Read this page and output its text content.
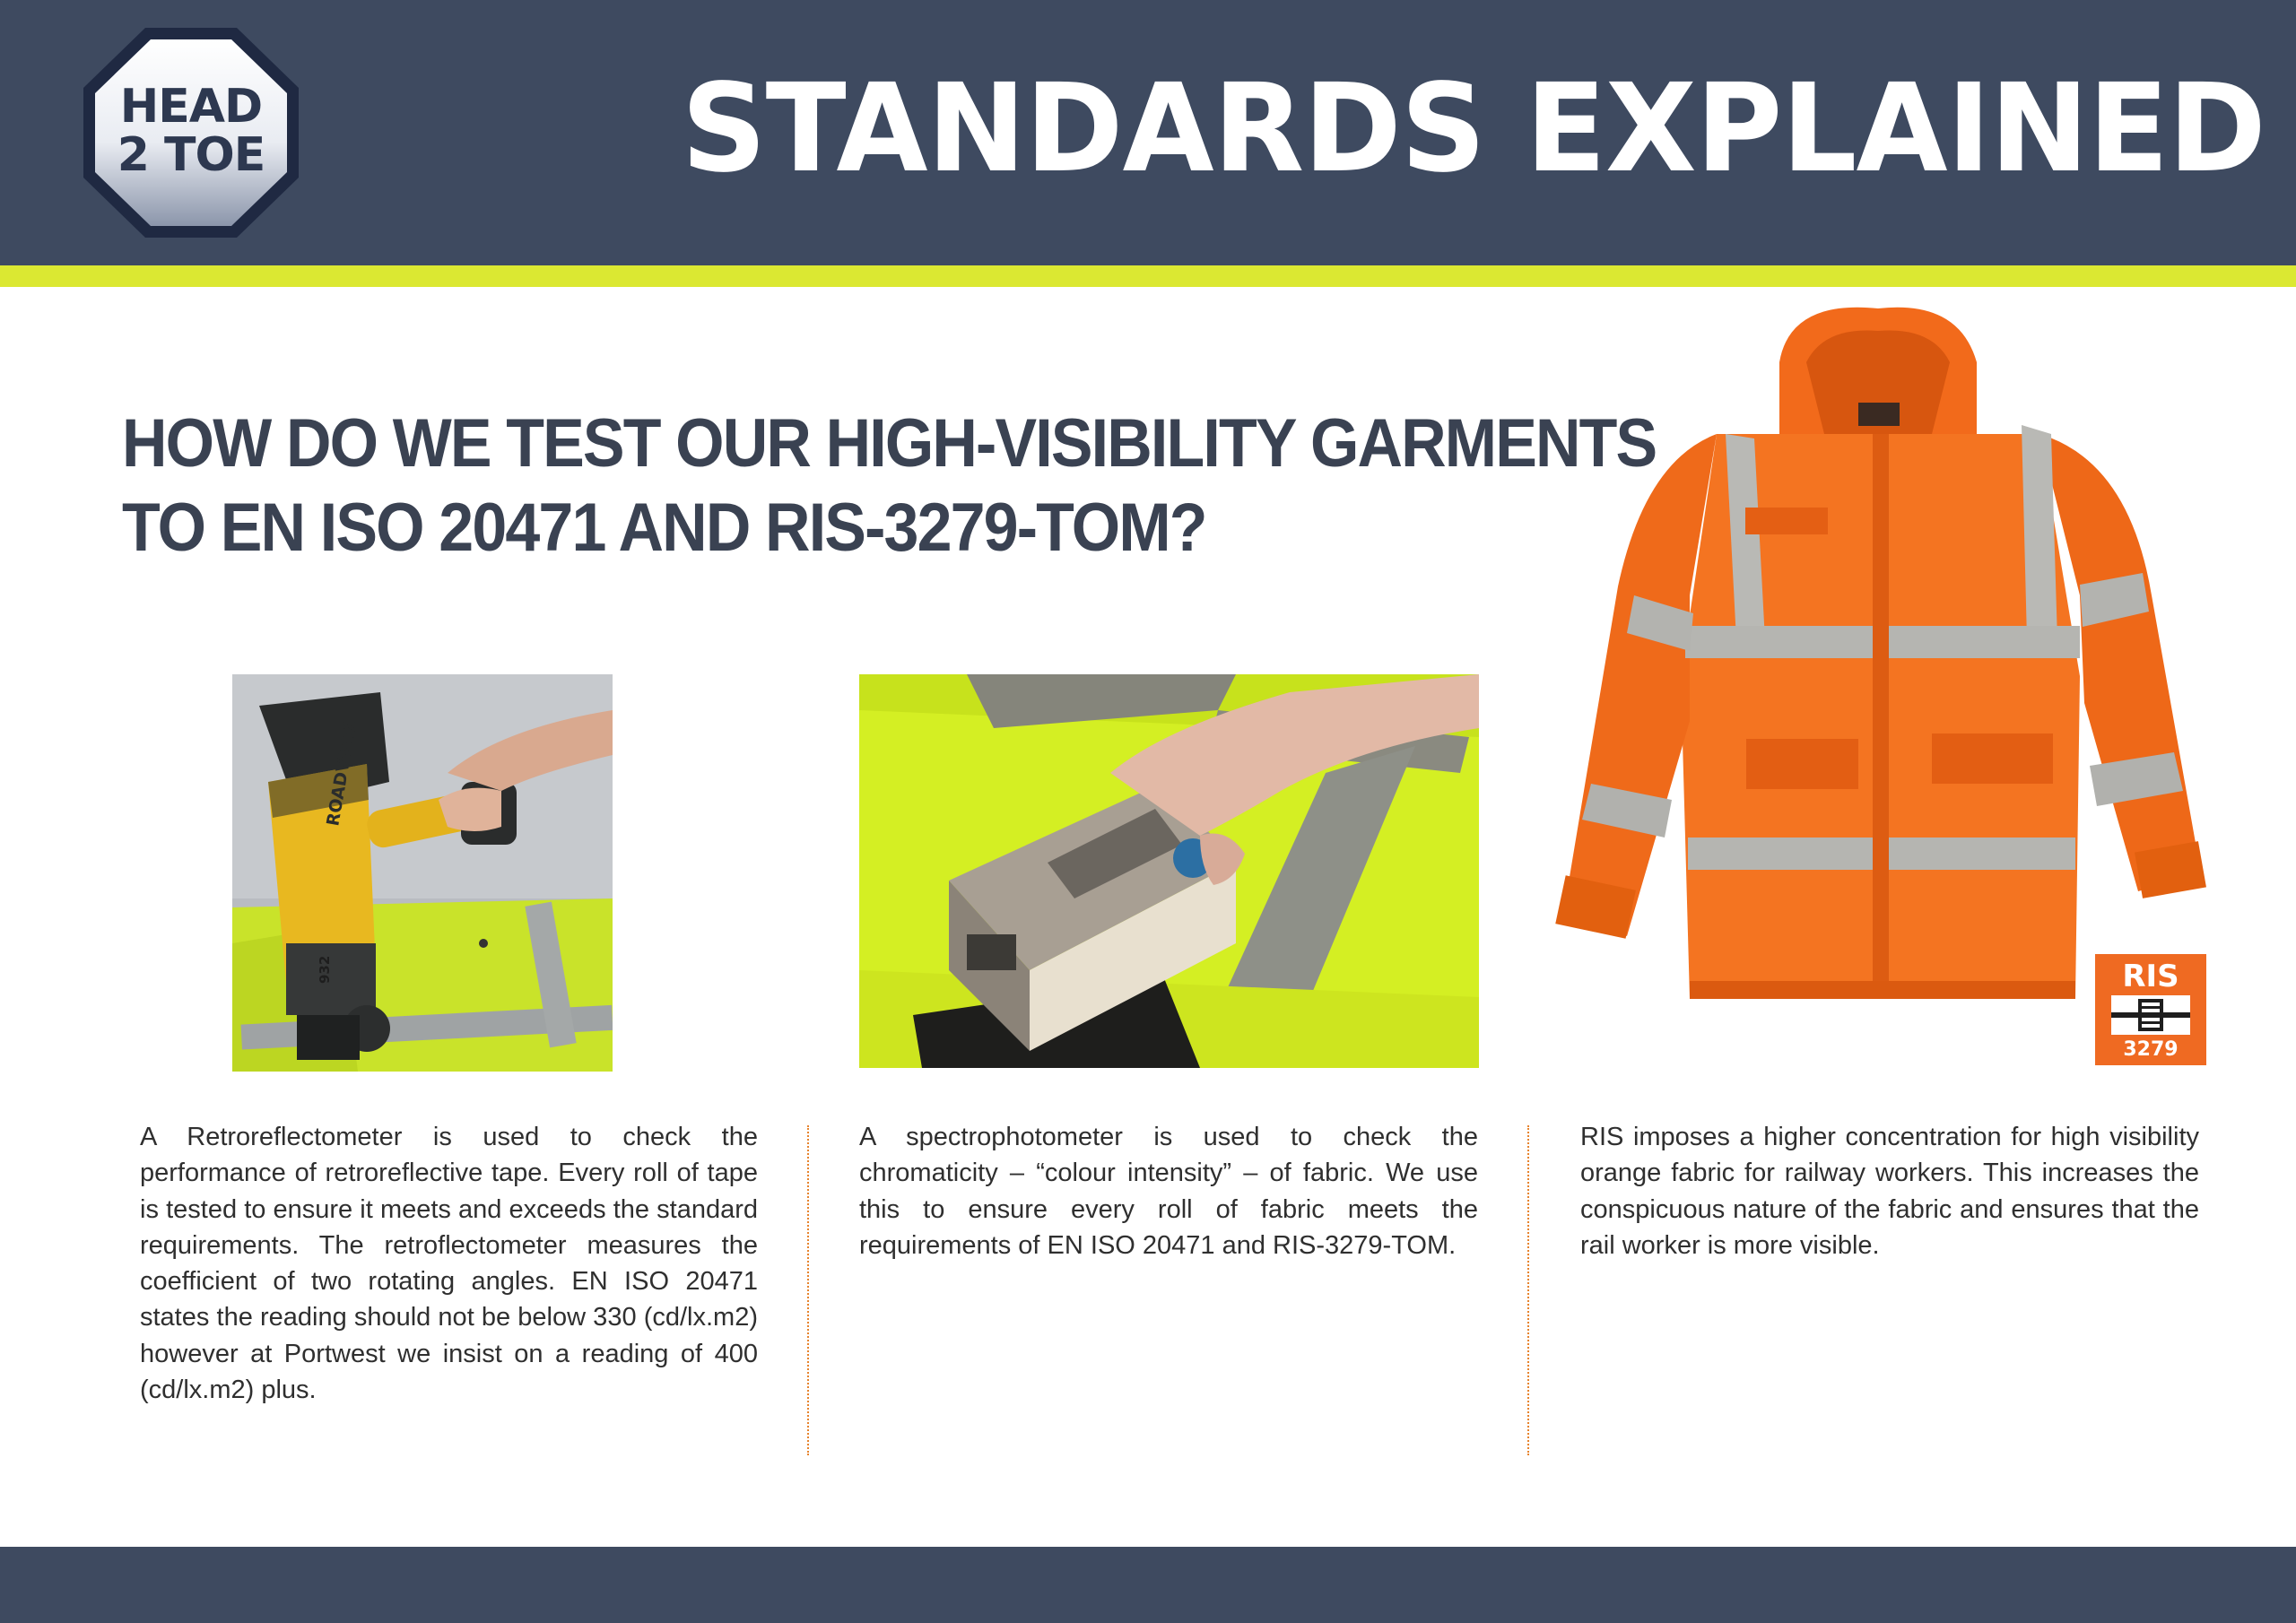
HEAD
2 TOE	STANDARDS EXPLAINED
HOW DO WE TEST OUR HIGH-VISIBILITY GARMENTS
TO EN ISO 20471 AND RIS-3279-TOM?
ROADVISTA
932

A Retroreflectometer is used to check the performance of retroreflective tape. Every roll of tape is tested to ensure it meets and exceeds the standard requirements. The retroflectometer measures the coefficient of two rotating angles. EN ISO 20471 states the reading should not be below 330 (cd/lx.m2) however at Portwest we insist on a reading of 400 (cd/lx.m2) plus.

A spectrophotometer is used to check the chromaticity – “colour intensity” – of fabric. We use this to ensure every roll of fabric meets the requirements of EN ISO 20471 and RIS-3279-TOM.

RIS imposes a higher concentration for high visibility orange fabric for railway workers. This increases the conspicuous nature of the fabric and ensures that the rail worker is more visible.

RIS
3279
